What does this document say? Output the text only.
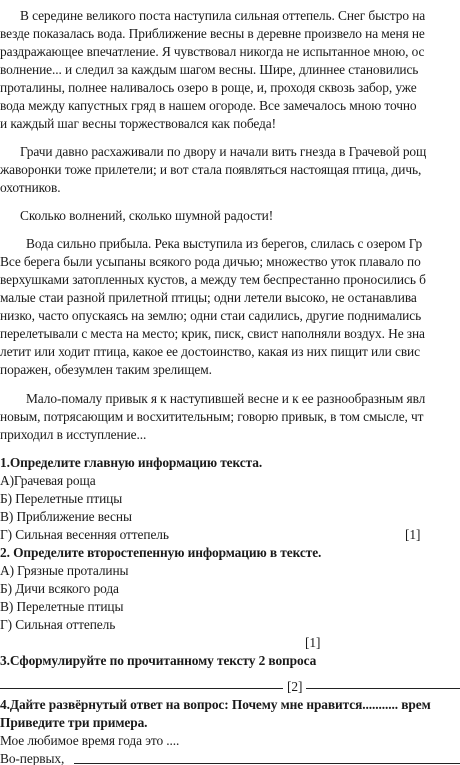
В середине великого поста наступила сильная оттепель. Снег быстро на
везде показалась вода. Приближение весны в деревне произвело на меня не
раздражающее впечатление. Я чувствовал никогда не испытанное мною, ос
волнение... и следил за каждым шагом весны. Шире, длиннее становились
проталины, полнее наливалось озеро в роще, и, проходя сквозь забор, уже
вода между капустных гряд в нашем огороде. Все замечалось мною точно
и каждый шаг весны торжествовался как победа!
Грачи давно расхаживали по двору и начали вить гнезда в Грачевой рощ
жаворонки тоже прилетели; и вот стала появляться настоящая птица, дичь,
охотников.
Сколько волнений, сколько шумной радости!
Вода сильно прибыла. Река выступила из берегов, слилась с озером Гр
Все берега были усыпаны всякого рода дичью; множество уток плавало по
верхушками затопленных кустов, а между тем беспрестанно проносились б
малые стаи разной прилетной птицы; одни летели высоко, не останавлива
низко, часто опускаясь на землю; одни стаи садились, другие поднимались
перелетывали с места на место; крик, писк, свист наполняли воздух. Не зна
летит или ходит птица, какое ее достоинство, какая из них пищит или свис
поражен, обезумлен таким зрелищем.
Мало-помалу привык я к наступившей весне и к ее разнообразным явл
новым, потрясающим и восхитительным; говорю привык, в том смысле, чт
приходил в исступление...
1.Определите главную информацию текста.
А)Грачевая роща
Б) Перелетные птицы
В) Приближение весны
Г) Сильная весенняя оттепель	[1]
2. Определите второстепенную информацию в тексте.
А) Грязные проталины
Б) Дичи всякого рода
В) Перелетные птицы
Г) Сильная оттепель
[1]
3.Сформулируйте по прочитанному тексту 2 вопроса
[2]
4.Дайте развёрнутый ответ на вопрос: Почему мне нравится........... врем
Приведите три примера.
Мое любимое время года это ....
Во-первых,
